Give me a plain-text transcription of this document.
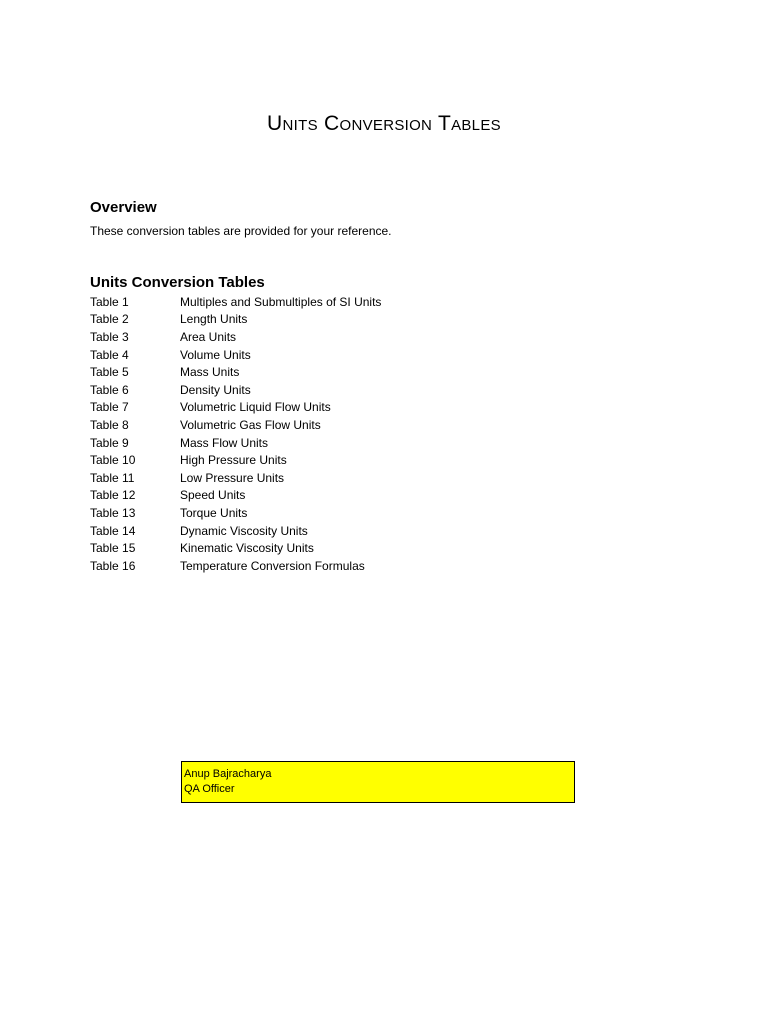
Units Conversion Tables
Overview

These conversion tables are provided for your reference.

Units Conversion Tables
Table 1	Multiples and Submultiples of SI Units
Table 2	Length Units
Table 3	Area Units
Table 4	Volume Units
Table 5	Mass Units
Table 6	Density Units
Table 7	Volumetric Liquid Flow Units
Table 8	Volumetric Gas Flow Units
Table 9	Mass Flow Units
Table 10	High Pressure Units
Table 11	Low Pressure Units
Table 12	Speed Units
Table 13	Torque Units
Table 14	Dynamic Viscosity Units
Table 15	Kinematic Viscosity Units
Table 16	Temperature Conversion Formulas
Anup Bajracharya
QA Officer
